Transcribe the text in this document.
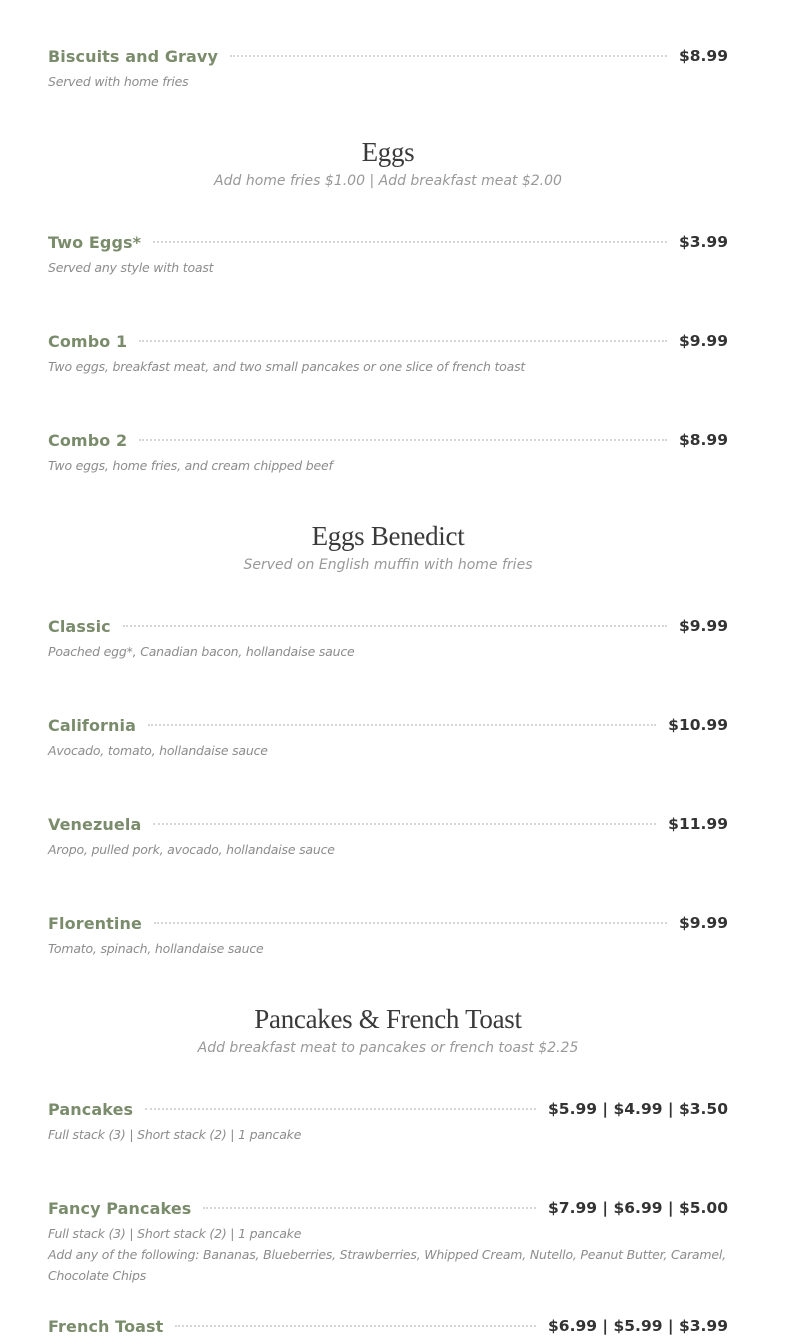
Biscuits and Gravy	$8.99
Served with home fries
Eggs
Add home fries $1.00 | Add breakfast meat $2.00
Two Eggs*	$3.99
Served any style with toast
Combo 1	$9.99
Two eggs, breakfast meat, and two small pancakes or one slice of french toast
Combo 2	$8.99
Two eggs, home fries, and cream chipped beef
Eggs Benedict
Served on English muffin with home fries
Classic	$9.99
Poached egg*, Canadian bacon, hollandaise sauce
California	$10.99
Avocado, tomato, hollandaise sauce
Venezuela	$11.99
Aropo, pulled pork, avocado, hollandaise sauce
Florentine	$9.99
Tomato, spinach, hollandaise sauce
Pancakes & French Toast
Add breakfast meat to pancakes or french toast $2.25
Pancakes	$5.99 | $4.99 | $3.50
Full stack (3) | Short stack (2) | 1 pancake
Fancy Pancakes	$7.99 | $6.99 | $5.00
Full stack (3) | Short stack (2) | 1 pancake
Add any of the following: Bananas, Blueberries, Strawberries, Whipped Cream, Nutello, Peanut Butter, Caramel, Chocolate Chips
French Toast	$6.99 | $5.99 | $3.99
